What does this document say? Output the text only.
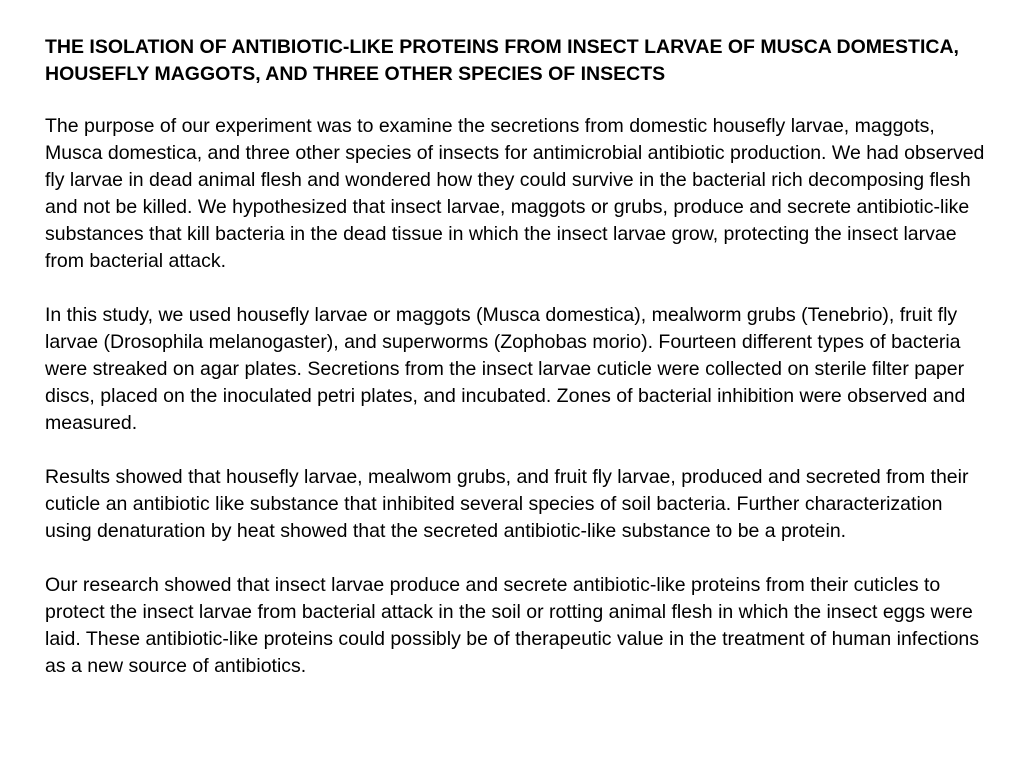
THE ISOLATION OF ANTIBIOTIC-LIKE PROTEINS FROM INSECT LARVAE OF MUSCA DOMESTICA, HOUSEFLY MAGGOTS, AND THREE OTHER SPECIES OF INSECTS

The purpose of our experiment was to examine the secretions from domestic housefly larvae, maggots, Musca domestica, and three other species of insects for antimicrobial antibiotic production. We had observed fly larvae in dead animal flesh and wondered how they could survive in the bacterial rich decomposing flesh and not be killed. We hypothesized that insect larvae, maggots or grubs, produce and secrete antibiotic-like substances that kill bacteria in the dead tissue in which the insect larvae grow, protecting the insect larvae from bacterial attack.

In this study, we used housefly larvae or maggots (Musca domestica), mealworm grubs (Tenebrio), fruit fly larvae (Drosophila melanogaster), and superworms (Zophobas morio). Fourteen different types of bacteria were streaked on agar plates. Secretions from the insect larvae cuticle were collected on sterile filter paper discs, placed on the inoculated petri plates, and incubated. Zones of bacterial inhibition were observed and measured.

Results showed that housefly larvae, mealwom grubs, and fruit fly larvae, produced and secreted from their cuticle an antibiotic like substance that inhibited several species of soil bacteria. Further characterization using denaturation by heat showed that the secreted antibiotic-like substance to be a protein.

Our research showed that insect larvae produce and secrete antibiotic-like proteins from their cuticles to protect the insect larvae from bacterial attack in the soil or rotting animal flesh in which the insect eggs were laid. These antibiotic-like proteins could possibly be of therapeutic value in the treatment of human infections as a new source of antibiotics.
